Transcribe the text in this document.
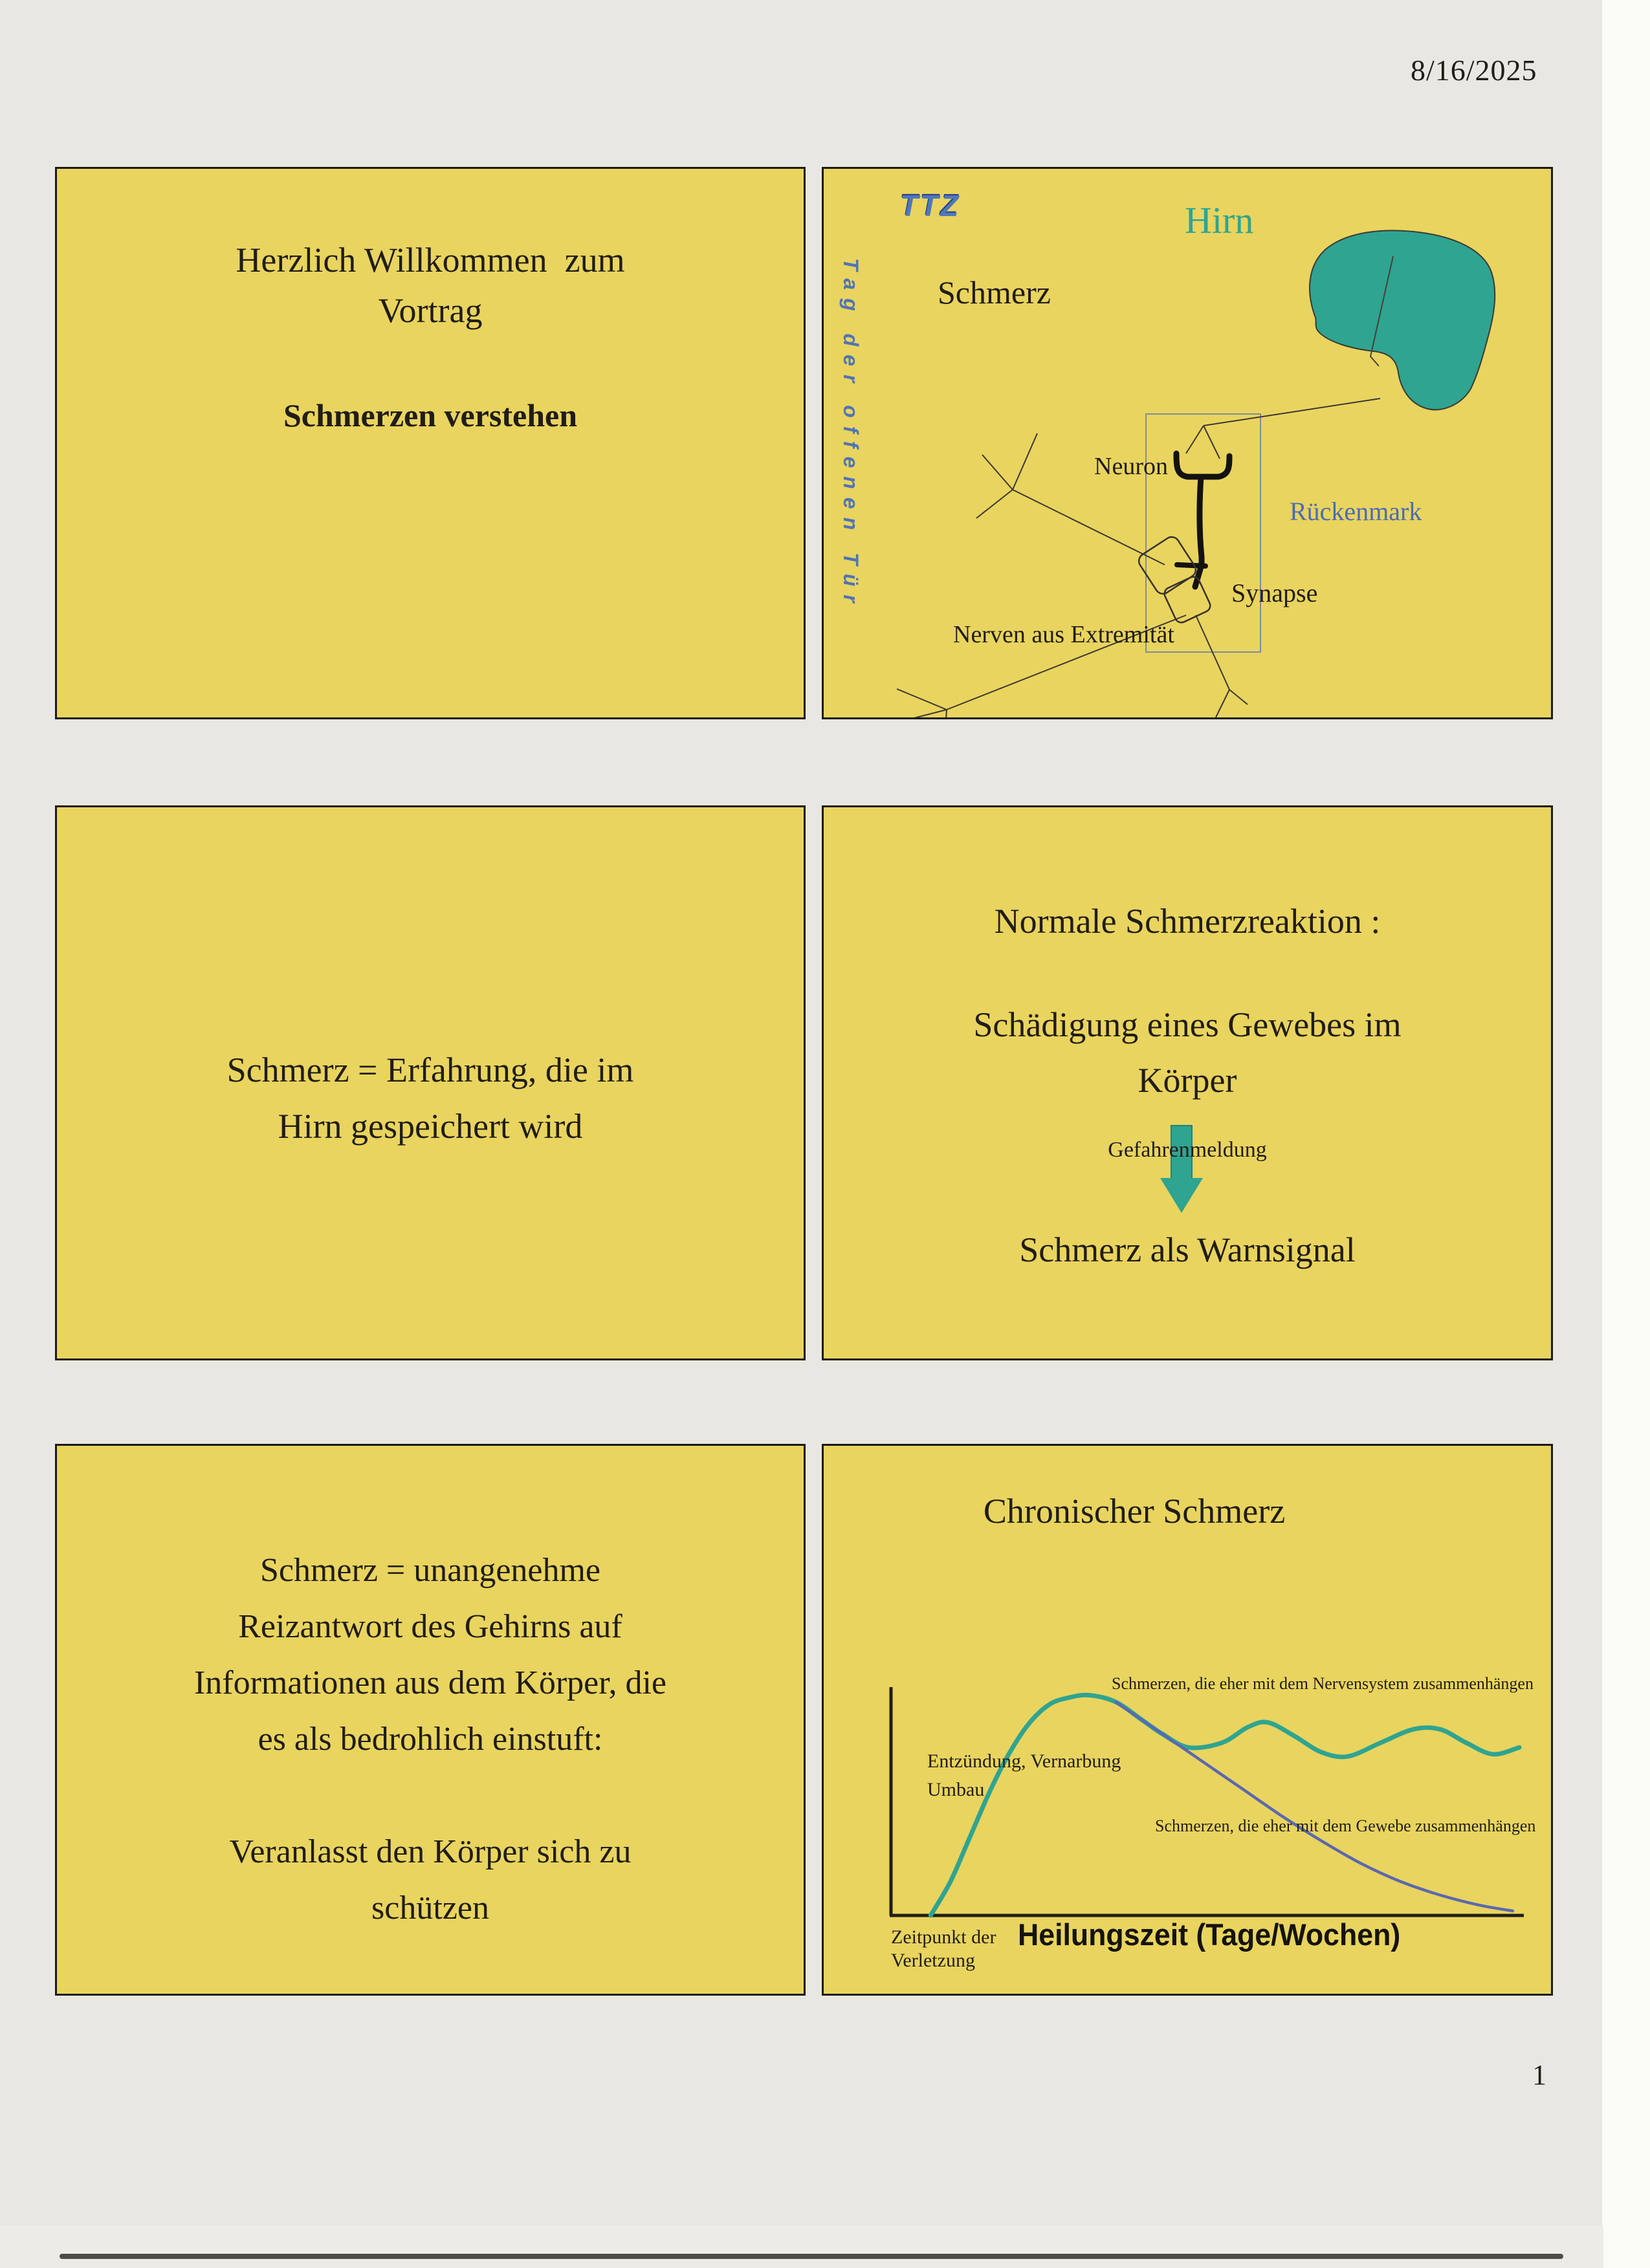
8/16/2025
1
Herzlich Willkommen  zum
Vortrag
Schmerzen verstehen
TTZ	Hirn
Schmerz
Tag der offenen Tür	Neuron
Rückenmark
Synapse
Nerven aus Extremität
Schmerz = Erfahrung, die im
Hirn gespeichert wird
Normale Schmerzreaktion :
Schädigung eines Gewebes im
Körper
Gefahrenmeldung
Schmerz als Warnsignal
Schmerz = unangenehme
Reizantwort des Gehirns auf
Informationen aus dem Körper, die
es als bedrohlich einstuft:
Veranlasst den Körper sich zu
schützen
Chronischer Schmerz
Schmerzen, die eher mit dem Nervensystem zusammenhängen
Schmerzen, die eher mit dem Gewebe zusammenhängen
Entzündung, Vernarbung
Umbau
Zeitpunkt der
Verletzung
Heilungszeit (Tage/Wochen)
